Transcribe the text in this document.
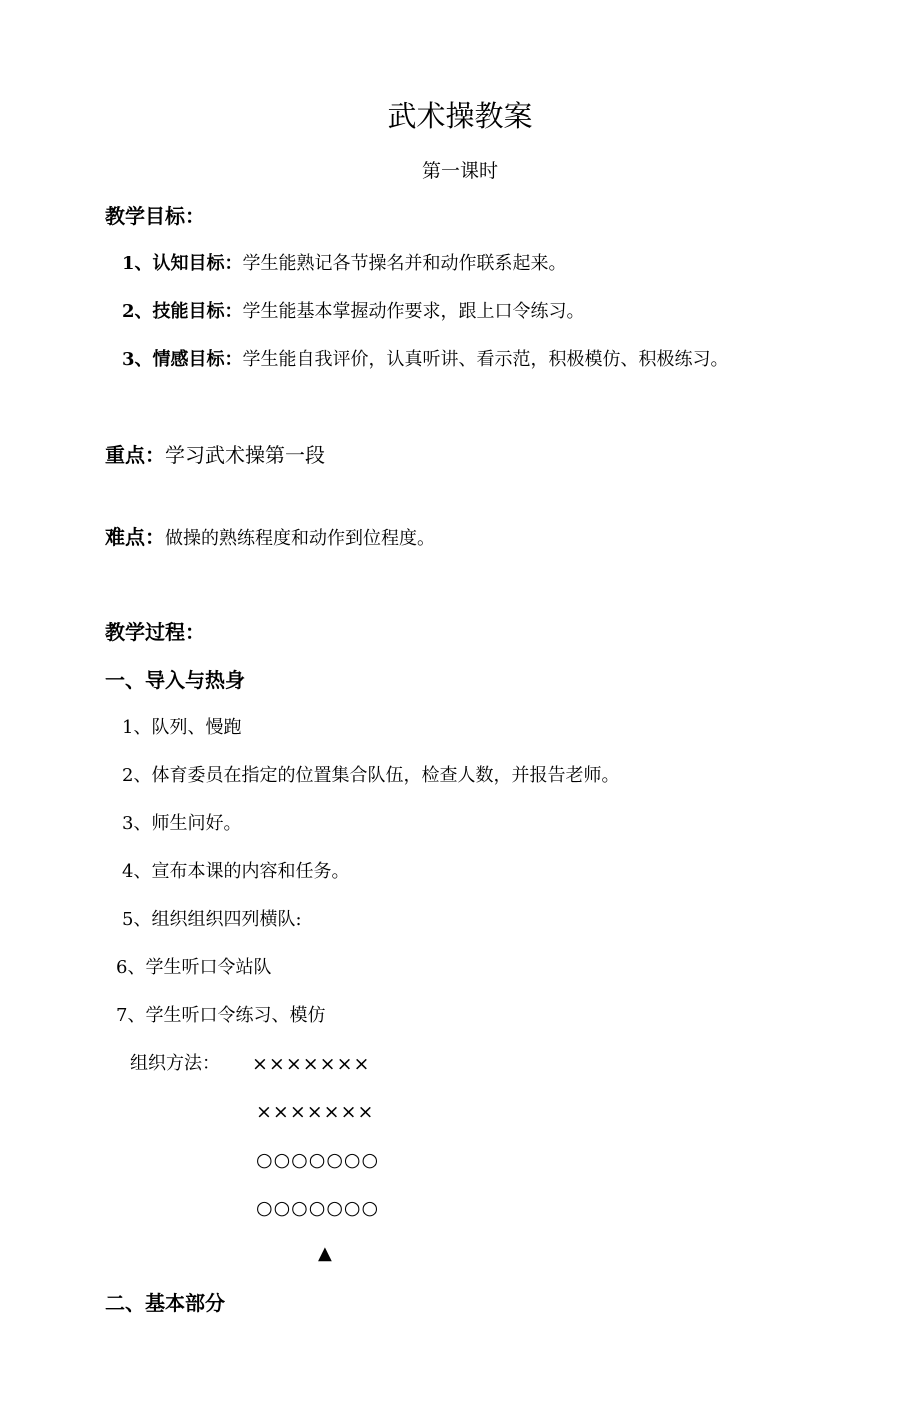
武术操教案
第一课时
教学目标：
1、认知目标：学生能熟记各节操名并和动作联系起来。
2、技能目标：学生能基本掌握动作要求，跟上口令练习。
3、情感目标：学生能自我评价，认真听讲、看示范，积极模仿、积极练习。
重点：学习武术操第一段
难点：做操的熟练程度和动作到位程度。
教学过程：
一、导入与热身
1、队列、慢跑
2、体育委员在指定的位置集合队伍，检查人数，并报告老师。
3、师生问好。
4、宣布本课的内容和任务。
5、组织组织四列横队:
6、学生听口令站队
7、学生听口令练习、模仿
组织方法： ×××××××
×××××××
○○○○○○○
○○○○○○○
▲
二、基本部分
